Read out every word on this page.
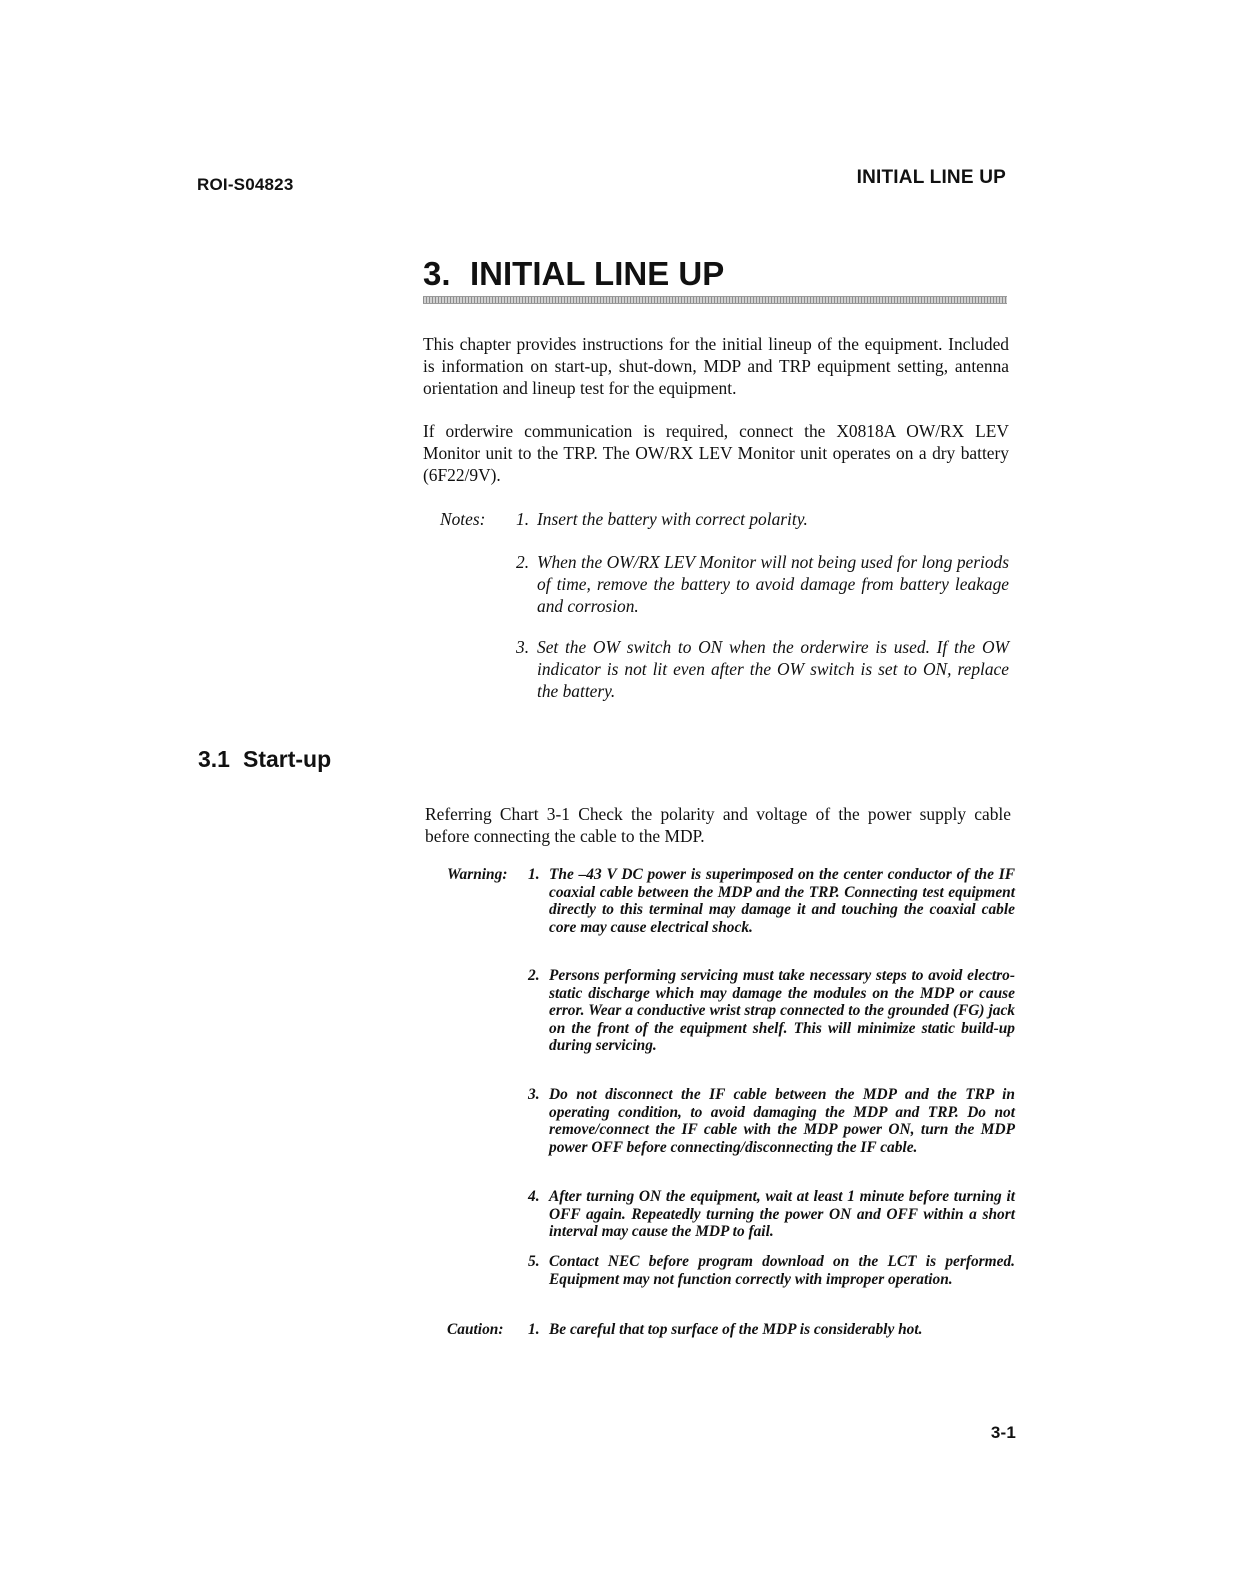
ROI-S04823	INITIAL LINE UP
3. INITIAL LINE UP

This chapter provides instructions for the initial lineup of the equipment. Included is information on start-up, shut-down, MDP and TRP equipment setting, antenna orientation and lineup test for the equipment.

If orderwire communication is required, connect the X0818A OW/RX LEV Monitor unit to the TRP. The OW/RX LEV Monitor unit operates on a dry battery (6F22/9V).

Notes: 1. Insert the battery with correct polarity.
2. When the OW/RX LEV Monitor will not being used for long periods of time, remove the battery to avoid damage from battery leakage and corrosion.
3. Set the OW switch to ON when the orderwire is used. If the OW indicator is not lit even after the OW switch is set to ON, replace the battery.
3.1 Start-up

Referring Chart 3-1 Check the polarity and voltage of the power supply cable before connecting the cable to the MDP.

Warning: 1. The –43 V DC power is superimposed on the center conductor of the IF coaxial cable between the MDP and the TRP. Connecting test equipment directly to this terminal may damage it and touching the coaxial cable core may cause electrical shock.
2. Persons performing servicing must take necessary steps to avoid electro-static discharge which may damage the modules on the MDP or cause error. Wear a conductive wrist strap connected to the grounded (FG) jack on the front of the equipment shelf. This will minimize static build-up during servicing.
3. Do not disconnect the IF cable between the MDP and the TRP in operating condition, to avoid damaging the MDP and TRP. Do not remove/connect the IF cable with the MDP power ON, turn the MDP power OFF before connecting/disconnecting the IF cable.
4. After turning ON the equipment, wait at least 1 minute before turning it OFF again. Repeatedly turning the power ON and OFF within a short interval may cause the MDP to fail.
5. Contact NEC before program download on the LCT is performed. Equipment may not function correctly with improper operation.
Caution: 1. Be careful that top surface of the MDP is considerably hot.
3-1
